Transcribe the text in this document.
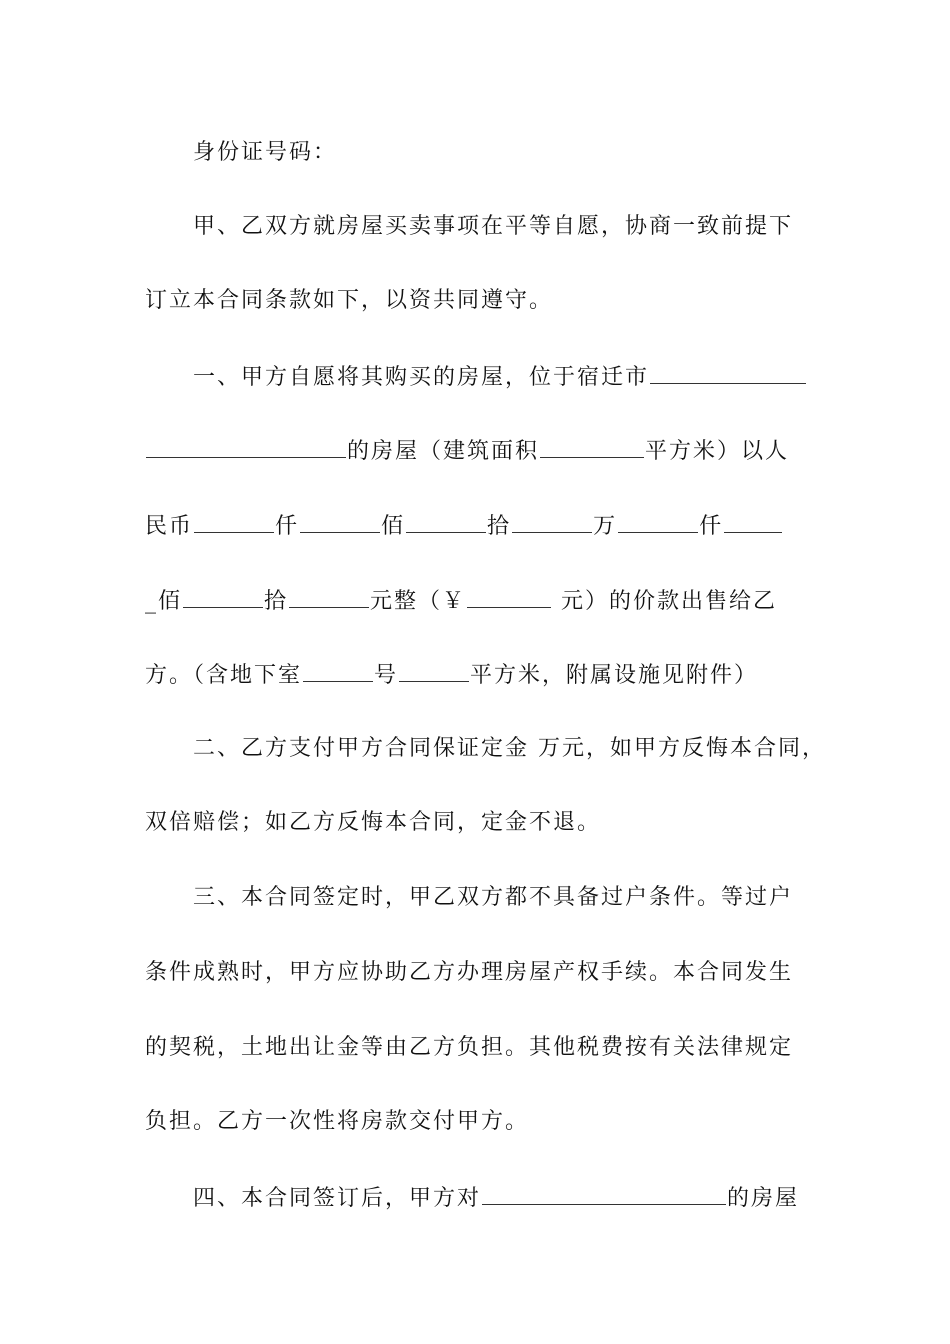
身份证号码：
甲、乙双方就房屋买卖事项在平等自愿，协商一致前提下
订立本合同条款如下，以资共同遵守。
一、甲方自愿将其购买的房屋，位于宿迁市
的房屋（建筑面积	平方米）以人
民币	仟	佰	拾	万	仟
_佰	拾	元整（￥	元）的价款出售给乙
方。（含地下室	号	平方米，附属设施见附件）
二、乙方支付甲方合同保证定金 万元，如甲方反悔本合同，
双倍赔偿；如乙方反悔本合同，定金不退。
三、本合同签定时，甲乙双方都不具备过户条件。等过户
条件成熟时，甲方应协助乙方办理房屋产权手续。本合同发生
的契税，土地出让金等由乙方负担。其他税费按有关法律规定
负担。乙方一次性将房款交付甲方。
四、本合同签订后，甲方对	的房屋
